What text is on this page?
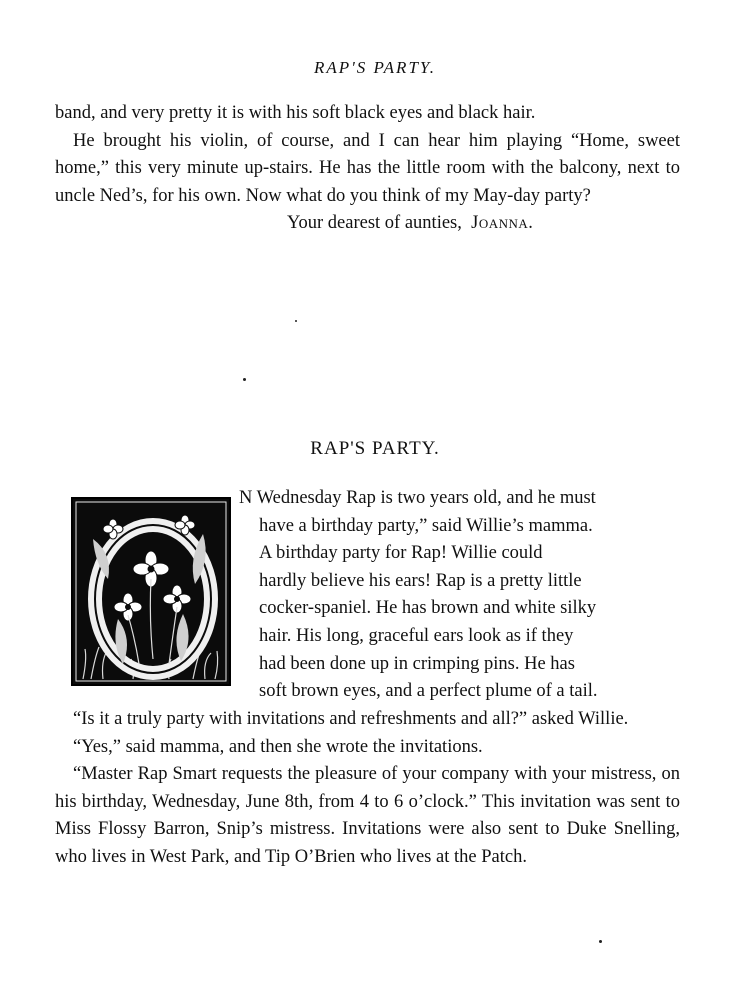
RAP'S PARTY.

band, and very pretty it is with his soft black eyes and black hair.

He brought his violin, of course, and I can hear him playing “Home, sweet home,” this very minute up-stairs. He has the little room with the balcony, next to uncle Ned’s, for his own. Now what do you think of my May-day party?

Your dearest of aunties, Joanna.

RAP'S PARTY.

N Wednesday Rap is two years old, and he must

have a birthday party,” said Willie’s mamma.

A birthday party for Rap! Willie could

hardly believe his ears! Rap is a pretty little

cocker-spaniel. He has brown and white silky

hair. His long, graceful ears look as if they

had been done up in crimping pins. He has

soft brown eyes, and a perfect plume of a tail.

“Is it a truly party with invitations and refreshments and all?” asked Willie.

“Yes,” said mamma, and then she wrote the invitations.

“Master Rap Smart requests the pleasure of your company with your mistress, on his birthday, Wednesday, June 8th, from 4 to 6 o’clock.” This invitation was sent to Miss Flossy Barron, Snip’s mistress. Invitations were also sent to Duke Snelling, who lives in West Park, and Tip O’Brien who lives at the Patch.
